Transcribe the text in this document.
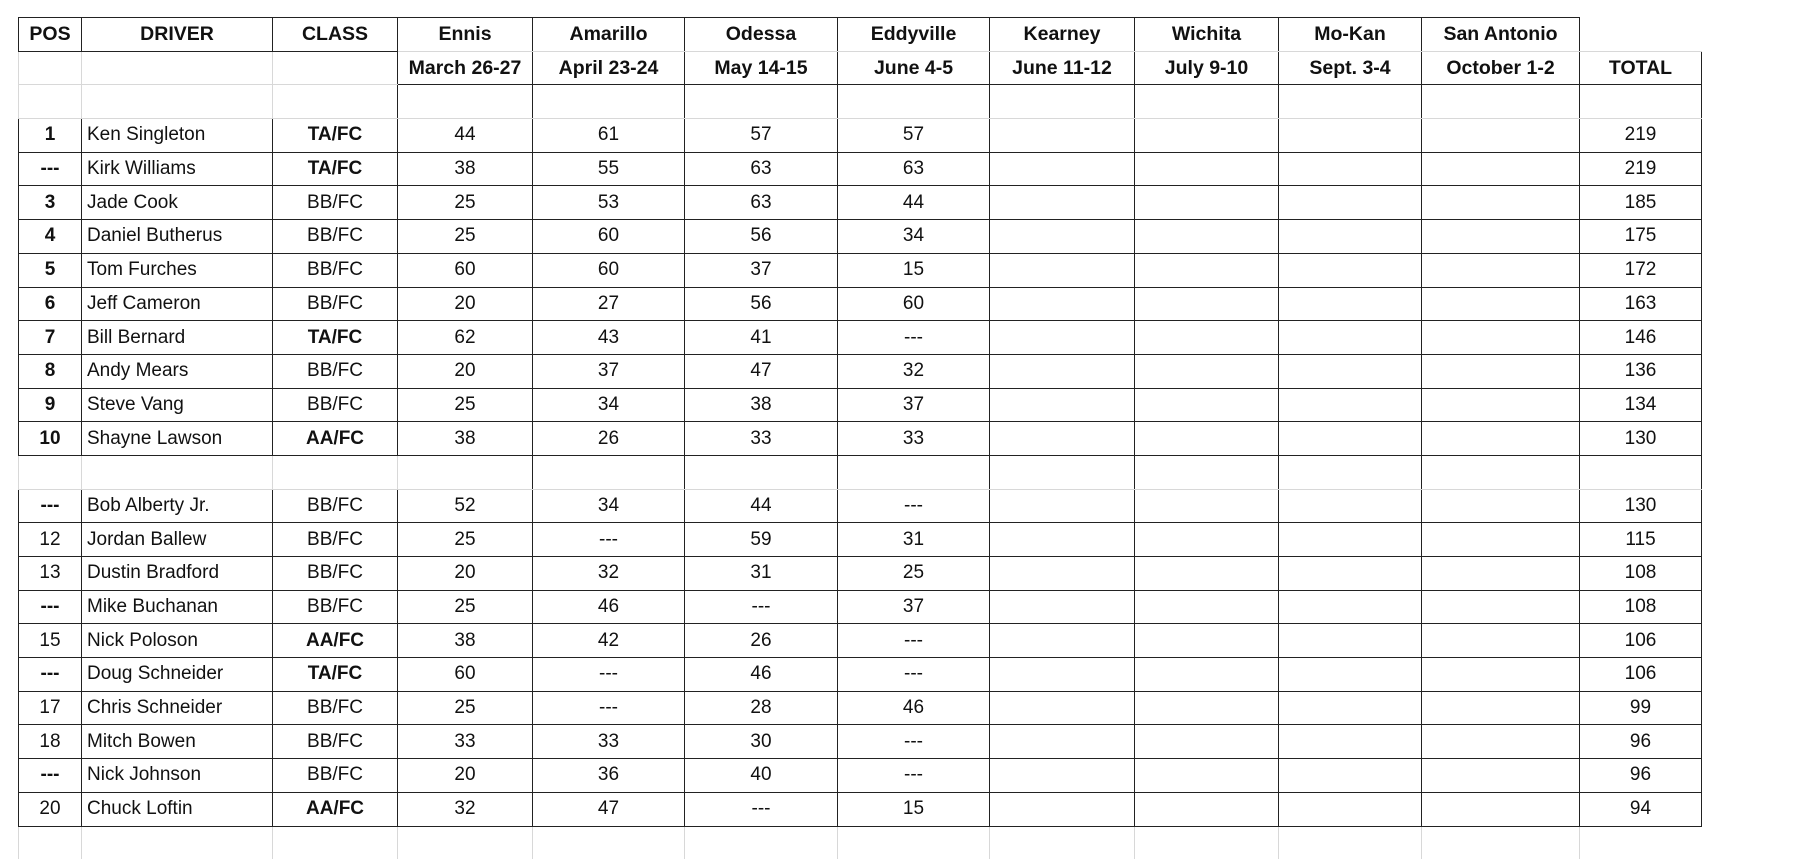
POS	DRIVER	CLASS	Ennis	Amarillo	Odessa	Eddyville	Kearney	Wichita	Mo-Kan	San Antonio	
			March 26-27	April 23-24	May 14-15	June 4-5	June 11-12	July 9-10	Sept. 3-4	October 1-2	TOTAL

1	Ken Singleton	TA/FC	44	61	57	57					219
---	Kirk Williams	TA/FC	38	55	63	63					219
3	Jade Cook	BB/FC	25	53	63	44					185
4	Daniel Butherus	BB/FC	25	60	56	34					175
5	Tom Furches	BB/FC	60	60	37	15					172
6	Jeff Cameron	BB/FC	20	27	56	60					163
7	Bill Bernard	TA/FC	62	43	41	---					146
8	Andy Mears	BB/FC	20	37	47	32					136
9	Steve Vang	BB/FC	25	34	38	37					134
10	Shayne Lawson	AA/FC	38	26	33	33					130

---	Bob Alberty Jr.	BB/FC	52	34	44	---					130
12	Jordan Ballew	BB/FC	25	---	59	31					115
13	Dustin Bradford	BB/FC	20	32	31	25					108
---	Mike Buchanan	BB/FC	25	46	---	37					108
15	Nick Poloson	AA/FC	38	42	26	---					106
---	Doug Schneider	TA/FC	60	---	46	---					106
17	Chris Schneider	BB/FC	25	---	28	46					99
18	Mitch Bowen	BB/FC	33	33	30	---					96
---	Nick Johnson	BB/FC	20	36	40	---					96
20	Chuck Loftin	AA/FC	32	47	---	15					94
